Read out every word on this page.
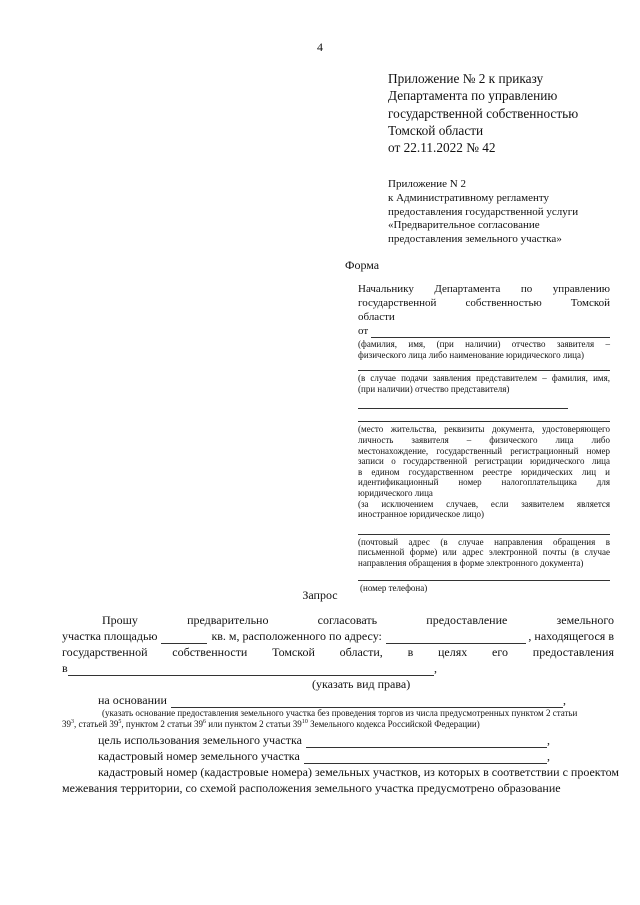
4
Приложение № 2 к приказу
Департамента по управлению
государственной собственностью
Томской области
от 22.11.2022 № 42
Приложение N 2
к Административному регламенту
предоставления государственной услуги
«Предварительное согласование
предоставления земельного участка»
Форма
Начальнику Департамента по управлению
государственной собственностью Томской
области
от
(фамилия, имя, (при наличии) отчество заявителя –
физического лица либо наименование юридического лица)
(в случае подачи заявления представителем – фамилия, имя,
(при наличии) отчество представителя)
(место жительства, реквизиты документа, удостоверяющего
личность заявителя – физического лица либо
местонахождение, государственный регистрационный номер
записи о государственной регистрации юридического лица
в едином государственном реестре юридических лиц и
идентификационный номер налогоплательщика для
юридического лица
(за исключением случаев, если заявителем является
иностранное юридическое лицо)
(почтовый адрес (в случае направления обращения в
письменной форме) или адрес электронной почты (в случае
направления обращения в форме электронного документа)
(номер телефона)
Запрос
Прошу предварительно согласовать предоставление земельного
участка площадью	кв. м, расположенного по адресу:	, находящегося в
государственной собственности Томской области, в целях его предоставления
в	,
(указать вид права)
на основании	,
(указать основание предоставления земельного участка без проведения торгов из числа предусмотренных пунктом 2 статьи
$39^3$, статьей $39^5$, пунктом 2 статьи $39^6$ или пунктом 2 статьи $39^{10}$ Земельного кодекса Российской Федерации)
цель использования земельного участка	,
кадастровый номер земельного участка	,
кадастровый номер (кадастровые номера) земельных участков, из которых в соответствии с проектом
межевания территории, со схемой расположения земельного участка предусмотрено образование
